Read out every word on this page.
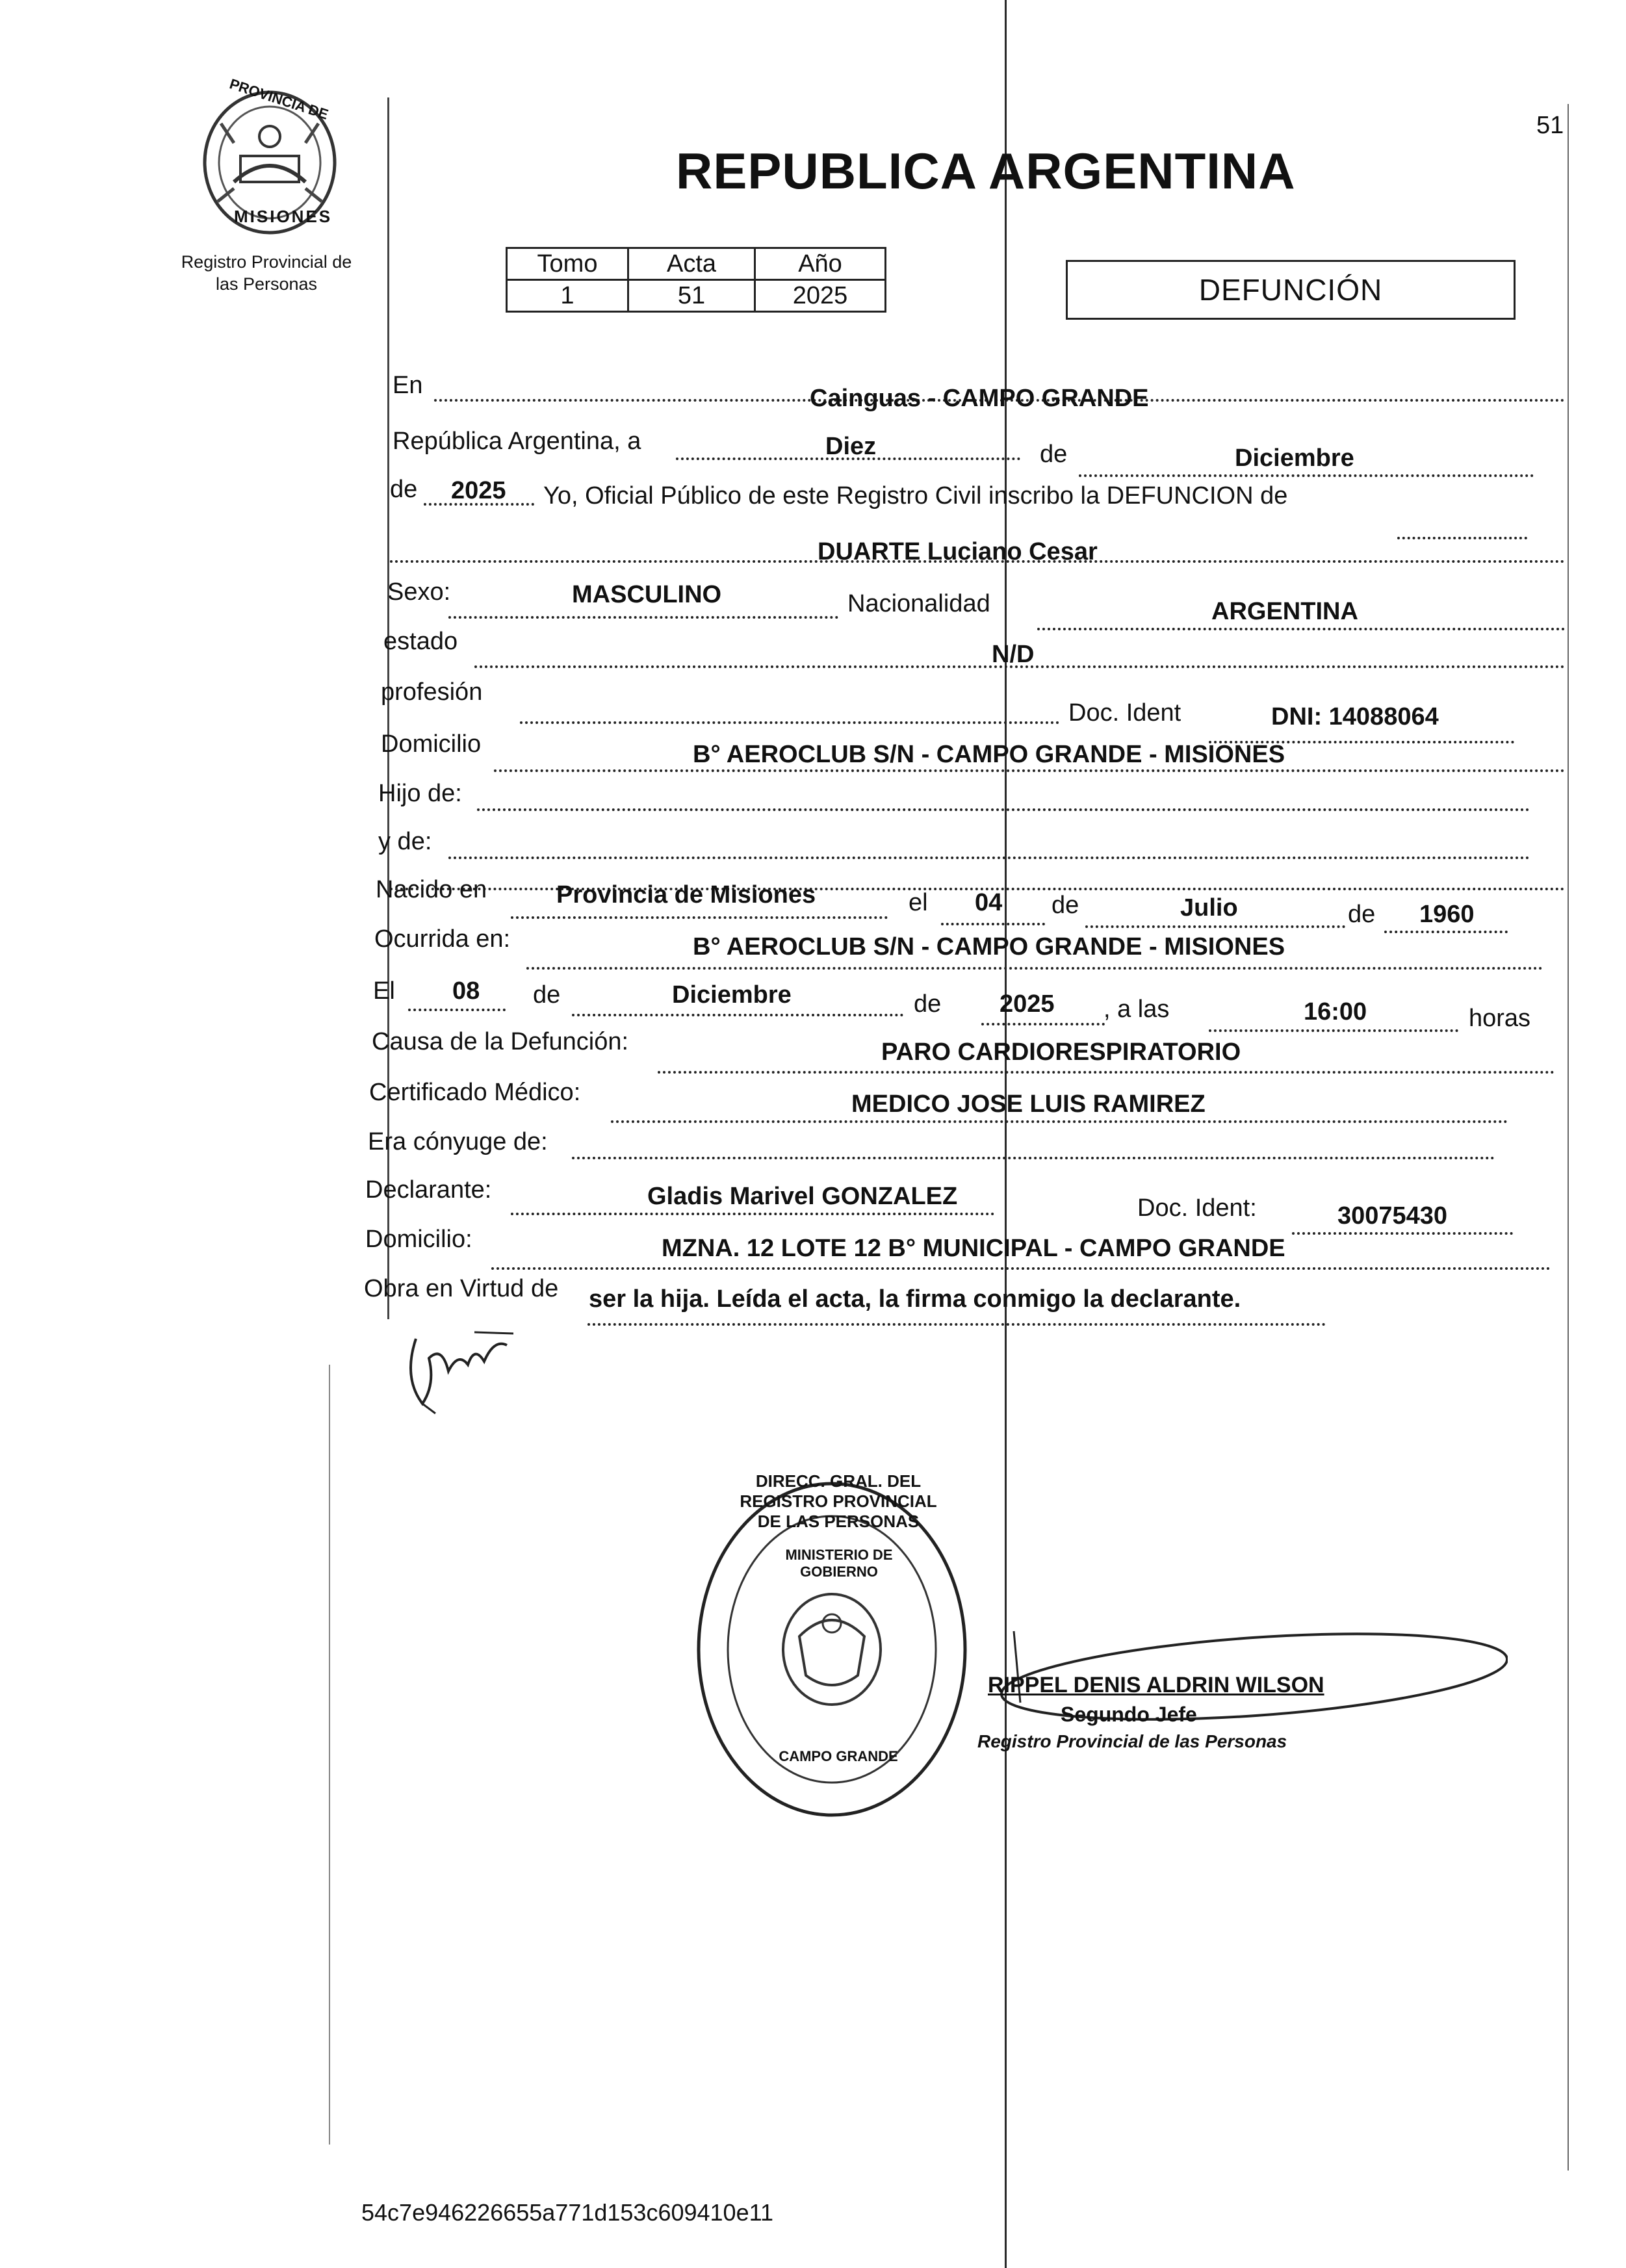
PROVINCIA DE
MISIONES
Registro Provincial de
las Personas
REPUBLICA ARGENTINA
51
Tomo	Acta	Año
1	51	2025	DEFUNCIÓN
En	Cainguas - CAMPO GRANDE
República Argentina, a	Diez	de	Diciembre
de 2025 Yo, Oficial Público de este Registro Civil inscribo la DEFUNCION de
DUARTE Luciano Cesar
Sexo:	MASCULINO	Nacionalidad	ARGENTINA
estado	N/D
profesión
Doc. Ident	DNI: 14088064
Domicilio	B° AEROCLUB S/N - CAMPO GRANDE - MISIONES
Hijo de:
y de:
Nacido en	Provincia de Misiones	el 04 de	Julio	de 1960
Ocurrida en:	B° AEROCLUB S/N - CAMPO GRANDE - MISIONES
El 08 de	Diciembre	de 2025 , a las	16:00	horas
Causa de la Defunción:	PARO CARDIORESPIRATORIO
Certificado Médico:	MEDICO JOSE LUIS RAMIREZ
Era cónyuge de:
Declarante:	Gladis Marivel GONZALEZ	Doc. Ident:	30075430
Domicilio:	MZNA. 12 LOTE 12 B° MUNICIPAL - CAMPO GRANDE
Obra en Virtud de ser la hija. Leída el acta, la firma conmigo la declarante.
DIRECC. GRAL. DEL REGISTRO PROVINCIAL DE LAS PERSONAS
MINISTERIO DE GOBIERNO
CAMPO GRANDE
RIPPEL DENIS ALDRIN WILSON
Segundo Jefe
Registro Provincial de las Personas
54c7e946226655a771d153c609410e11
